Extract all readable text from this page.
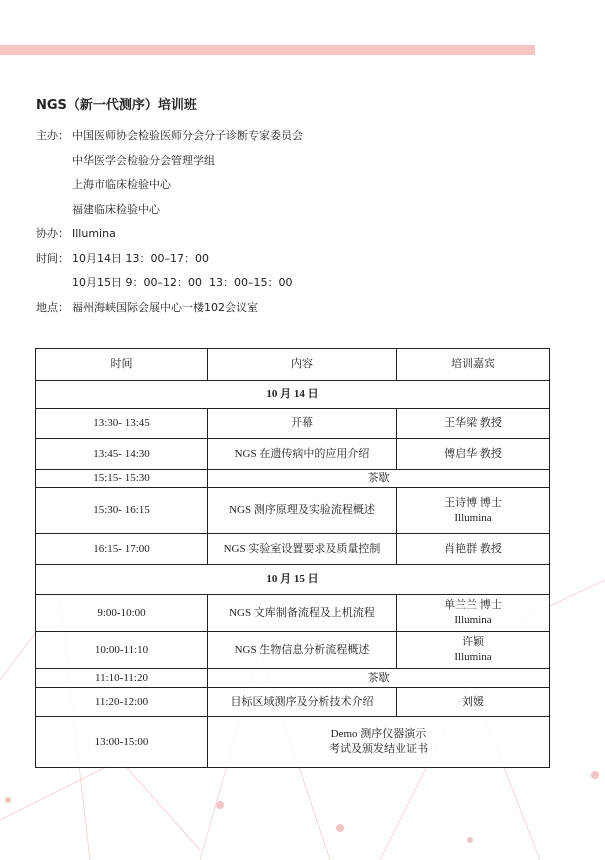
NGS（新一代测序）培训班
主办： 中国医师协会检验医师分会分子诊断专家委员会
中华医学会检验分会管理学组
上海市临床检验中心
福建临床检验中心
协办： Illumina
时间： 10月14日 13：00–17：00
10月15日 9：00–12：00  13：00–15：00
地点： 福州海峡国际会展中心一楼102会议室
时间	内容	培训嘉宾
10 月 14 日		
13:30- 13:45	开幕	王华梁 教授
13:45- 14:30	NGS 在遗传病中的应用介绍	傅启华 教授
15:15- 15:30	茶歇	
15:30- 16:15	NGS 测序原理及实验流程概述	王诗博 博士
Illumina

16:15- 17:00	NGS 实验室设置要求及质量控制	肖艳群 教授
10 月 15 日		
9:00-10:00	NGS 文库制备流程及上机流程	单兰兰 博士
Illumina

10:00-11:10	NGS 生物信息分析流程概述	许颖
Illumina

11:10-11:20	茶歇	
11:20-12:00	目标区域测序及分析技术介绍	刘媛
13:00-15:00	Demo 测序仪器演示
考试及颁发结业证书	
